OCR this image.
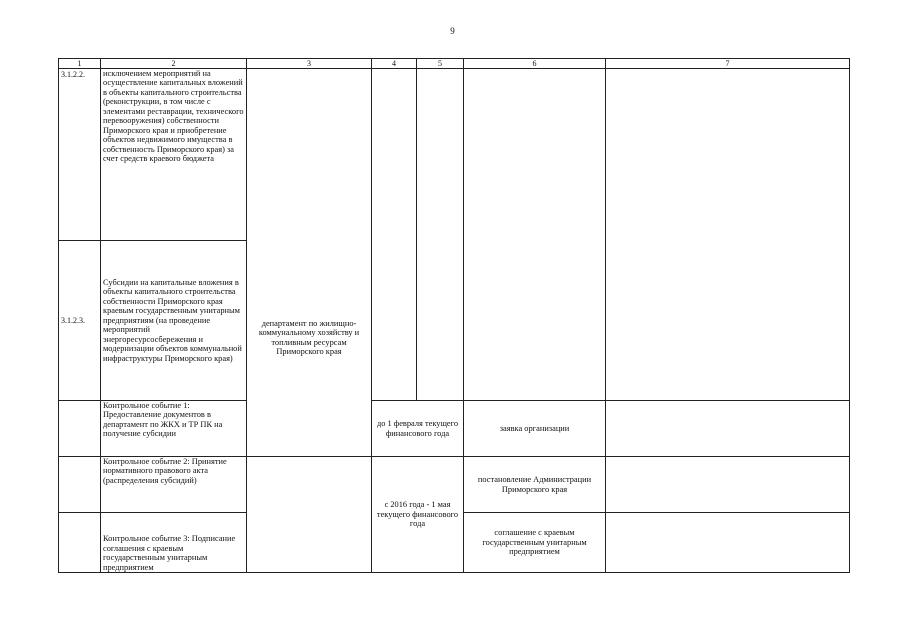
9
1	2	3	4	5	6	7
3.1.2.2.	исключением мероприятий на осуществление капитальных вложений в объекты капитального строительства (реконструкции, в том числе с элементами реставрации, технического перевооружения) собственности Приморского края и приобретение объектов недвижимого имущества в собственность Приморского края) за счет средств краевого бюджета	департамент по жилищно-коммунальному хозяйству и топливным ресурсам Приморского края				
3.1.2.3.	Субсидии на капитальные вложения в объекты капитального строительства собственности Приморского края краевым государственным унитарным предприятиям (на проведение мероприятий энергоресурсосбережения и модернизации объектов коммунальной инфраструктуры Приморского края)					
	Контрольное событие 1: Предоставление документов в департамент по ЖКХ и ТР ПК на получение субсидии		до 1 февраля текущего финансового года		заявка организации	
	Контрольное событие 2: Принятие нормативного правового акта (распределения субсидий)		с 2016 года - 1 мая текущего финансового года		постановление Администрации Приморского края	
	Контрольное событие 3: Подписание соглашения с краевым государственным унитарным предприятием				соглашение с краевым государственным унитарным предприятием	
